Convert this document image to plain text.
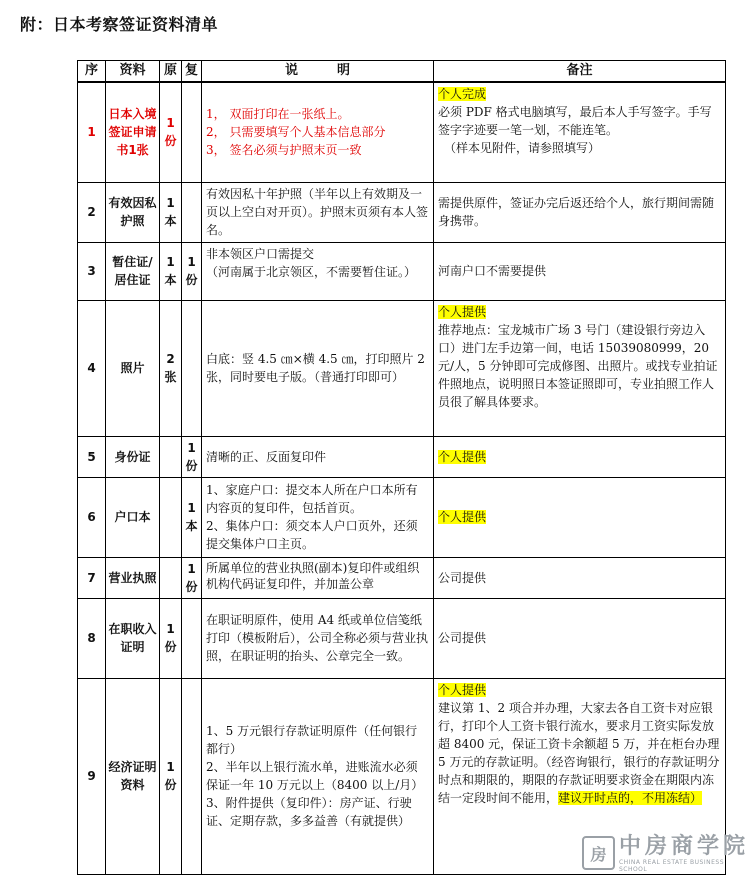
附：日本考察签证资料清单
序	资料	原	复	说　　　明	备注
1	日本入境签证申请书1张	1份		1， 双面打印在一张纸上。
2， 只需要填写个人基本信息部分
3， 签名必须与护照末页一致	个人完成
必须 PDF 格式电脑填写，最后本人手写签字。手写签字字迹要一笔一划，不能连笔。
（样本见附件，请参照填写）

2	有效因私护照	1本		有效因私十年护照（半年以上有效期及一页以上空白对开页）。护照末页须有本人签名。	需提供原件，签证办完后返还给个人，旅行期间需随身携带。
3	暂住证/居住证	1本	1份	非本领区户口需提交
（河南属于北京领区，不需要暂住证。）	河南户口不需要提供
4	照片	2张		白底：竖 4.5 ㎝×横 4.5 ㎝，打印照片 2 张，同时要电子版。（普通打印即可）	个人提供
推荐地点：宝龙城市广场 3 号门（建设银行旁边入口）进门左手边第一间，电话 15039080999，20 元/人，5 分钟即可完成修图、出照片。或找专业拍证件照地点，说明照日本签证照即可，专业拍照工作人员很了解具体要求。

5	身份证		1份	清晰的正、反面复印件	个人提供
6	户口本		1本	1、家庭户口：提交本人所在户口本所有内容页的复印件，包括首页。
2、集体户口：须交本人户口页外，还须提交集体户口主页。	个人提供
7	营业执照		1份	所属单位的营业执照(副本)复印件或组织机构代码证复印件，并加盖公章	公司提供
8	在职收入证明	1份		在职证明原件，使用 A4 纸或单位信笺纸打印（模板附后），公司全称必须与营业执照，在职证明的抬头、公章完全一致。	公司提供
9	经济证明资料	1份		1、5 万元银行存款证明原件（任何银行都行）
2、半年以上银行流水单，进账流水必须保证一年 10 万元以上（8400 以上/月）
3、附件提供（复印件）：房产证、行驶证、定期存款，多多益善（有就提供）	个人提供
建议第 1、2 项合并办理，大家去各自工资卡对应银行，打印个人工资卡银行流水，要求月工资实际发放超 8400 元，保证工资卡余额超 5 万，并在柜台办理 5 万元的存款证明。（经咨询银行，银行的存款证明分时点和期限的，期限的存款证明要求资金在期限内冻结一定段时间不能用，建议开时点的，不用冻结）
房 中房商学院
CHINA REAL ESTATE BUSINESS SCHOOL
